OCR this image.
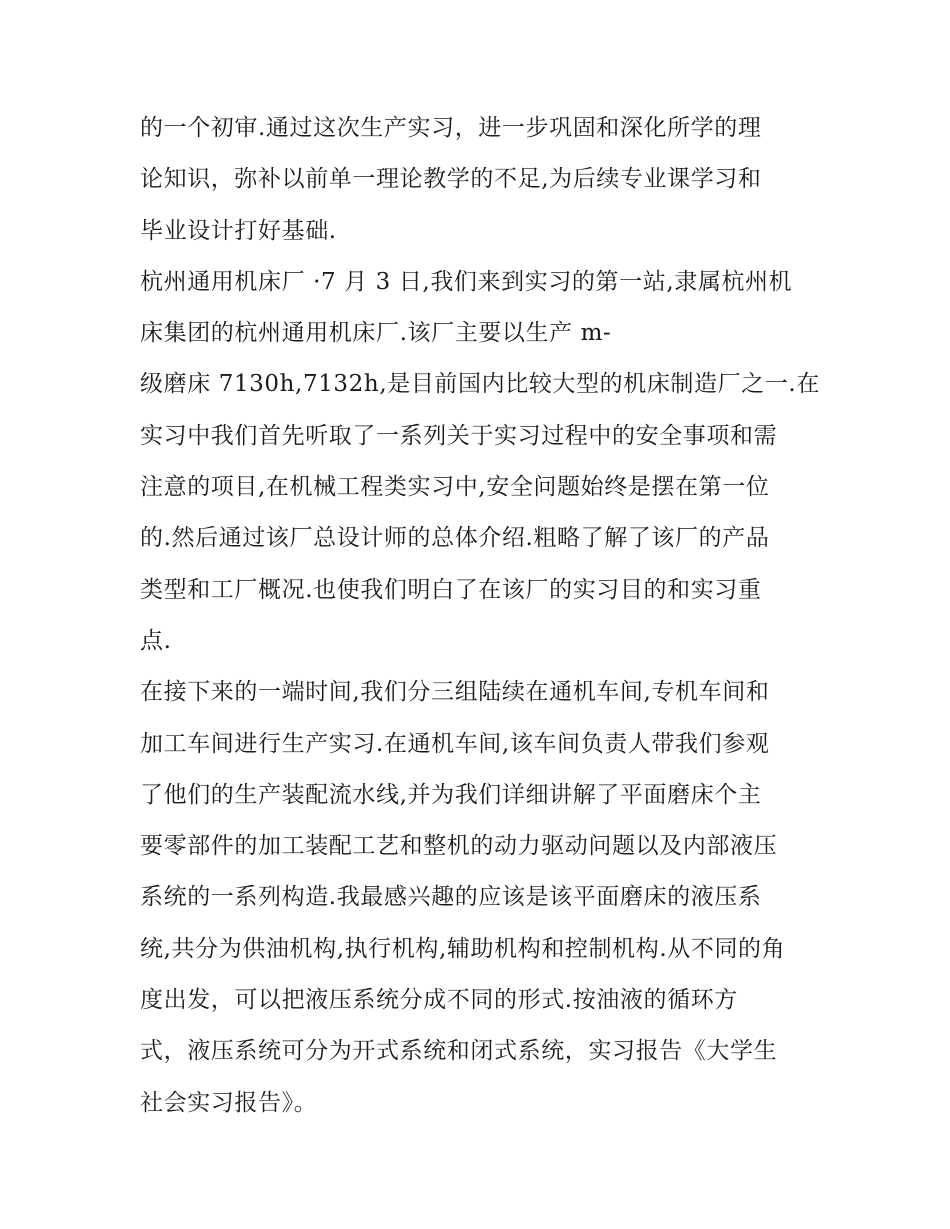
的一个初审.通过这次生产实习，进一步巩固和深化所学的理
论知识，弥补以前单一理论教学的不足,为后续专业课学习和
毕业设计打好基础.
杭州通用机床厂 ·7 月 3 日,我们来到实习的第一站,隶属杭州机
床集团的杭州通用机床厂.该厂主要以生产 m-
级磨床 7130h,7132h,是目前国内比较大型的机床制造厂之一.在
实习中我们首先听取了一系列关于实习过程中的安全事项和需
注意的项目,在机械工程类实习中,安全问题始终是摆在第一位
的.然后通过该厂总设计师的总体介绍.粗略了解了该厂的产品
类型和工厂概况.也使我们明白了在该厂的实习目的和实习重
点.
在接下来的一端时间,我们分三组陆续在通机车间,专机车间和
加工车间进行生产实习.在通机车间,该车间负责人带我们参观
了他们的生产装配流水线,并为我们详细讲解了平面磨床个主
要零部件的加工装配工艺和整机的动力驱动问题以及内部液压
系统的一系列构造.我最感兴趣的应该是该平面磨床的液压系
统,共分为供油机构,执行机构,辅助机构和控制机构.从不同的角
度出发，可以把液压系统分成不同的形式.按油液的循环方
式，液压系统可分为开式系统和闭式系统，实习报告《大学生
社会实习报告》。
